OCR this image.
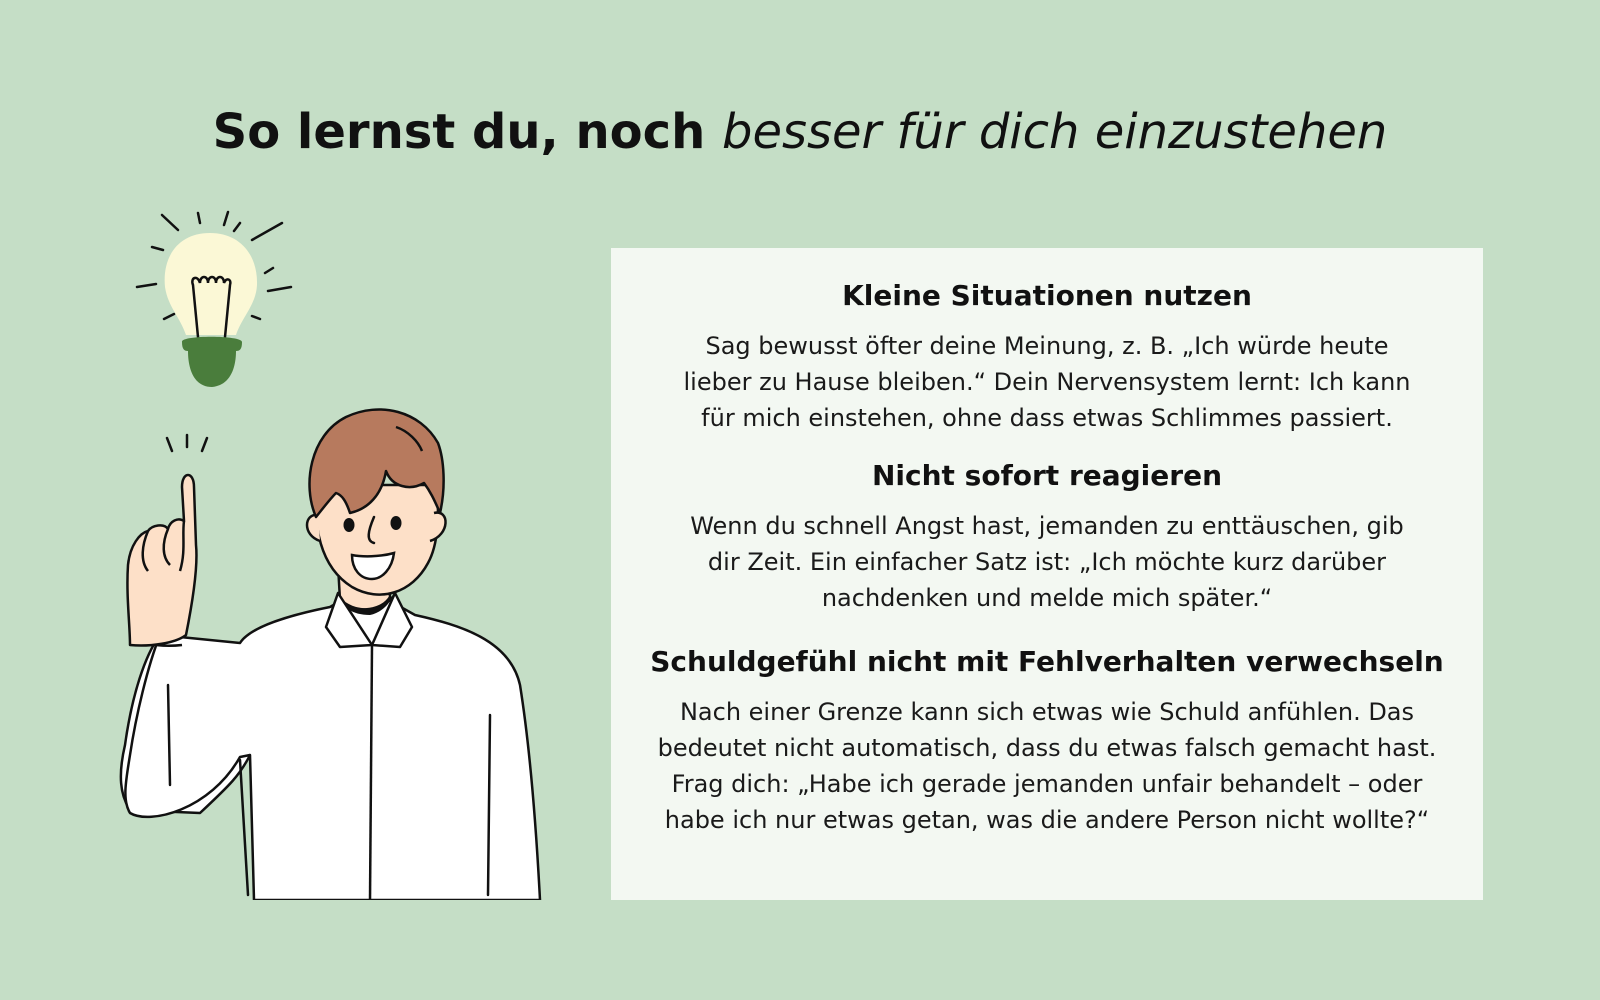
So lernst du, noch besser für dich einzustehen
Kleine Situationen nutzen

Sag bewusst öfter deine Meinung, z. B. „Ich würde heute lieber zu Hause bleiben.“ Dein Nervensystem lernt: Ich kann für mich einstehen, ohne dass etwas Schlimmes passiert.

Nicht sofort reagieren

Wenn du schnell Angst hast, jemanden zu enttäuschen, gib dir Zeit. Ein einfacher Satz ist: „Ich möchte kurz darüber nachdenken und melde mich später.“

Schuldgefühl nicht mit Fehlverhalten verwechseln

Nach einer Grenze kann sich etwas wie Schuld anfühlen. Das bedeutet nicht automatisch, dass du etwas falsch gemacht hast. Frag dich: „Habe ich gerade jemanden unfair behandelt – oder habe ich nur etwas getan, was die andere Person nicht wollte?“
